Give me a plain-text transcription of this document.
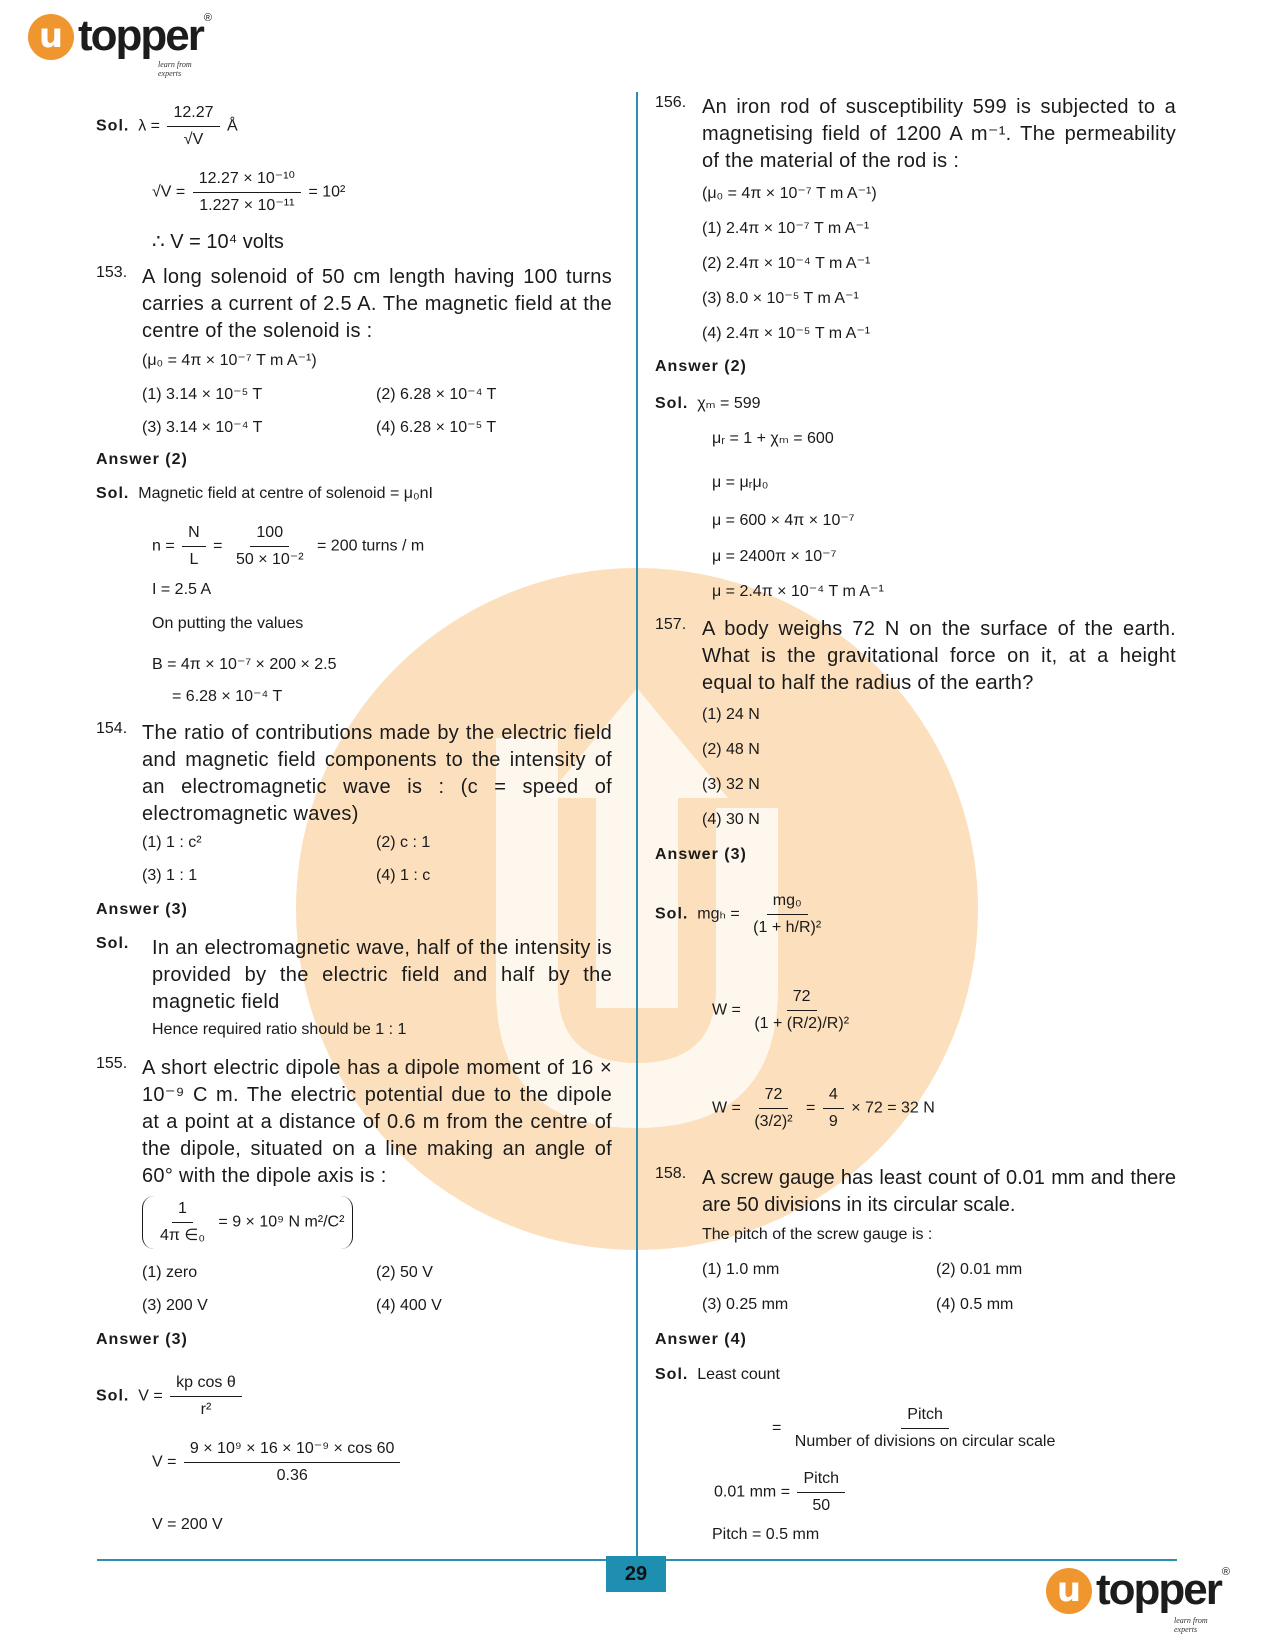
u topper ®
learn from experts
Sol. $\lambda = \frac{12.27}{√V}$ Å
$√V = \frac{\text{12.27 × 10⁻¹⁰}}{\text{1.227 × 10⁻¹¹}} = 10^2$
∴ V = 10⁴ volts
153. A long solenoid of 50 cm length having 100 turns carries a current of 2.5 A. The magnetic field at the centre of the solenoid is :
(μ₀ = 4π × 10⁻⁷ T m A⁻¹)
(1) 3.14 × 10⁻⁵ T	(2) 6.28 × 10⁻⁴ T
(3) 3.14 × 10⁻⁴ T	(4) 6.28 × 10⁻⁵ T
Answer (2)
Sol. Magnetic field at centre of solenoid = μ₀nI
$n = \frac{N}{L} = \frac{100}{\text{50 × 10⁻²}} = 200$ turns / m
I = 2.5 A
On putting the values
B = 4π × 10⁻⁷ × 200 × 2.5
= 6.28 × 10⁻⁴ T
154. The ratio of contributions made by the electric field and magnetic field components to the intensity of an electromagnetic wave is : (c = speed of electromagnetic waves)
(1) 1 : c²	(2) c : 1
(3) 1 : 1	(4) 1 : c
Answer (3)
Sol. In an electromagnetic wave, half of the intensity is provided by the electric field and half by the magnetic field
Hence required ratio should be 1 : 1
155. A short electric dipole has a dipole moment of 16 × 10⁻⁹ C m. The electric potential due to the dipole at a point at a distance of 0.6 m from the centre of the dipole, situated on a line making an angle of 60° with the dipole axis is :
$\frac{1}{\text{4π ∈₀}} = 9 \times 10^9$ N m²/C²
(1) zero	(2) 50 V
(3) 200 V	(4) 400 V
Answer (3)
Sol. $V = \frac{\text{kp cos θ}}{\text{r²}}$
$V = \frac{\text{9 × 10⁹ × 16 × 10⁻⁹ × cos 60}}{0.36}$
V = 200 V
156. An iron rod of susceptibility 599 is subjected to a magnetising field of 1200 A m⁻¹. The permeability of the material of the rod is :
(μ₀ = 4π × 10⁻⁷ T m A⁻¹)
(1) 2.4π × 10⁻⁷ T m A⁻¹
(2) 2.4π × 10⁻⁴ T m A⁻¹
(3) 8.0 × 10⁻⁵ T m A⁻¹
(4) 2.4π × 10⁻⁵ T m A⁻¹
Answer (2)
Sol. χₘ = 599
μᵣ = 1 + χₘ = 600
μ = μᵣμ₀
μ = 600 × 4π × 10⁻⁷
μ = 2400π × 10⁻⁷
μ = 2.4π × 10⁻⁴ T m A⁻¹
157. A body weighs 72 N on the surface of the earth. What is the gravitational force on it, at a height equal to half the radius of the earth?
(1) 24 N
(2) 48 N
(3) 32 N
(4) 30 N
Answer (3)
Sol. $mg_h = \frac{\text{mg₀}}{\text{(1 + h/R)²}}$
$W = \frac{72}{\text{(1 + (R/2)/R)²}}$
$W = \frac{72}{\text{(3/2)²}} = \frac{4}{9} \times 72 = 32$ N
158. A screw gauge has least count of 0.01 mm and there are 50 divisions in its circular scale.
The pitch of the screw gauge is :
(1) 1.0 mm	(2) 0.01 mm
(3) 0.25 mm	(4) 0.5 mm
Answer (4)
Sol. Least count
= $\frac{\text{Pitch}}{\text{Number of divisions on circular scale}}$
0.01 mm = $\frac{\text{Pitch}}{50}$
Pitch = 0.5 mm
29	u topper ®
learn from experts
